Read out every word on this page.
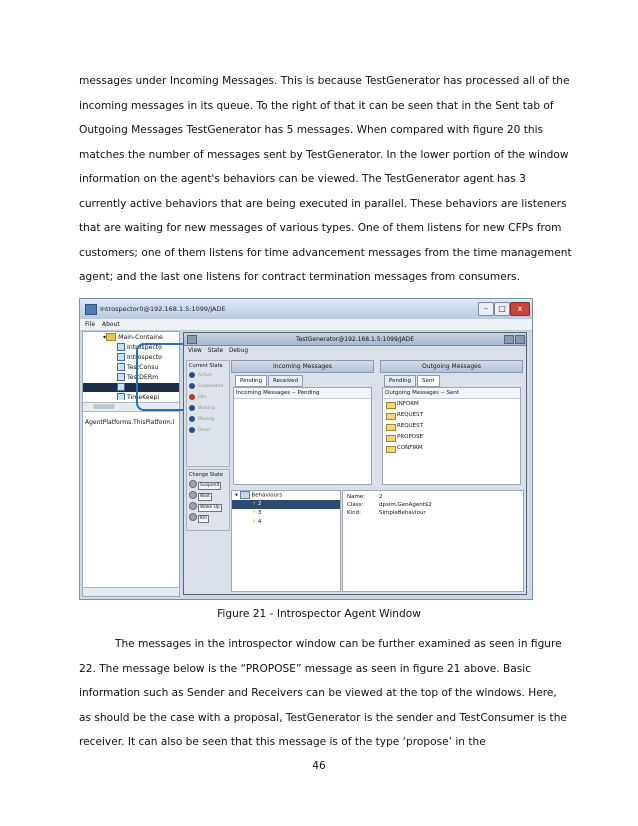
messages under Incoming Messages. This is because TestGenerator has processed all of the
incoming messages in its queue. To the right of that it can be seen that in the Sent tab of
Outgoing Messages TestGenerator has 5 messages. When compared with figure 20 this
matches the number of messages sent by TestGenerator. In the lower portion of the window
information on the agent's behaviors can be viewed. The TestGenerator agent has 3
currently active behaviors that are being executed in parallel. These behaviors are listeners
that are waiting for new messages of various types. One of them listens for new CFPs from
customers; one of them listens for time advancement messages from the time management
agent; and the last one listens for contract termination messages from consumers.
Introspector0@192.168.1.5:1099/JADE	–	□	x
File About
▾ Main-Containe
Introspecto
Introspecto
TestConsu
TestDERm
TimeKeepi
AgentPlatforms.ThisPlatform.l
TestGenerator@192.168.1.5:1099/JADE
View State Debug
Current State
Active
Suspended
Idle
Waiting
Moving
Dead
Change State
Suspend
Wait
Wake Up
Kill
Incoming Messages
Pending Received
Incoming Messages -- Pending
Outgoing Messages
Pending Sent
Outgoing Messages -- Sent
INFORM
REQUEST
REQUEST
PROPOSE
CONFIRM
▾ Behaviours
⚡ 2
⚡ 3
⚡ 4
Name:	2
Class:	dpsim.GenAgent$2
Kind:	SimpleBehaviour
Figure 21 - Introspector Agent Window
The messages in the introspector window can be further examined as seen in figure
22. The message below is the “PROPOSE” message as seen in figure 21 above. Basic
information such as Sender and Receivers can be viewed at the top of the windows. Here,
as should be the case with a proposal, TestGenerator is the sender and TestConsumer is the
receiver. It can also be seen that this message is of the type ‘propose’ in the
46
